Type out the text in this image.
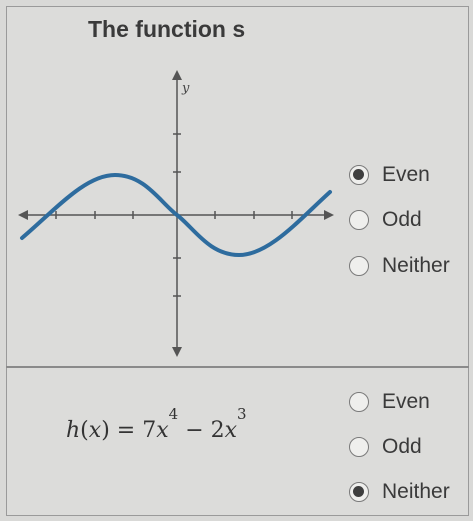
The function s
y
Even
Odd
Neither
$h(x) = 7x^4 - 2x^3$
Even
Odd
Neither
